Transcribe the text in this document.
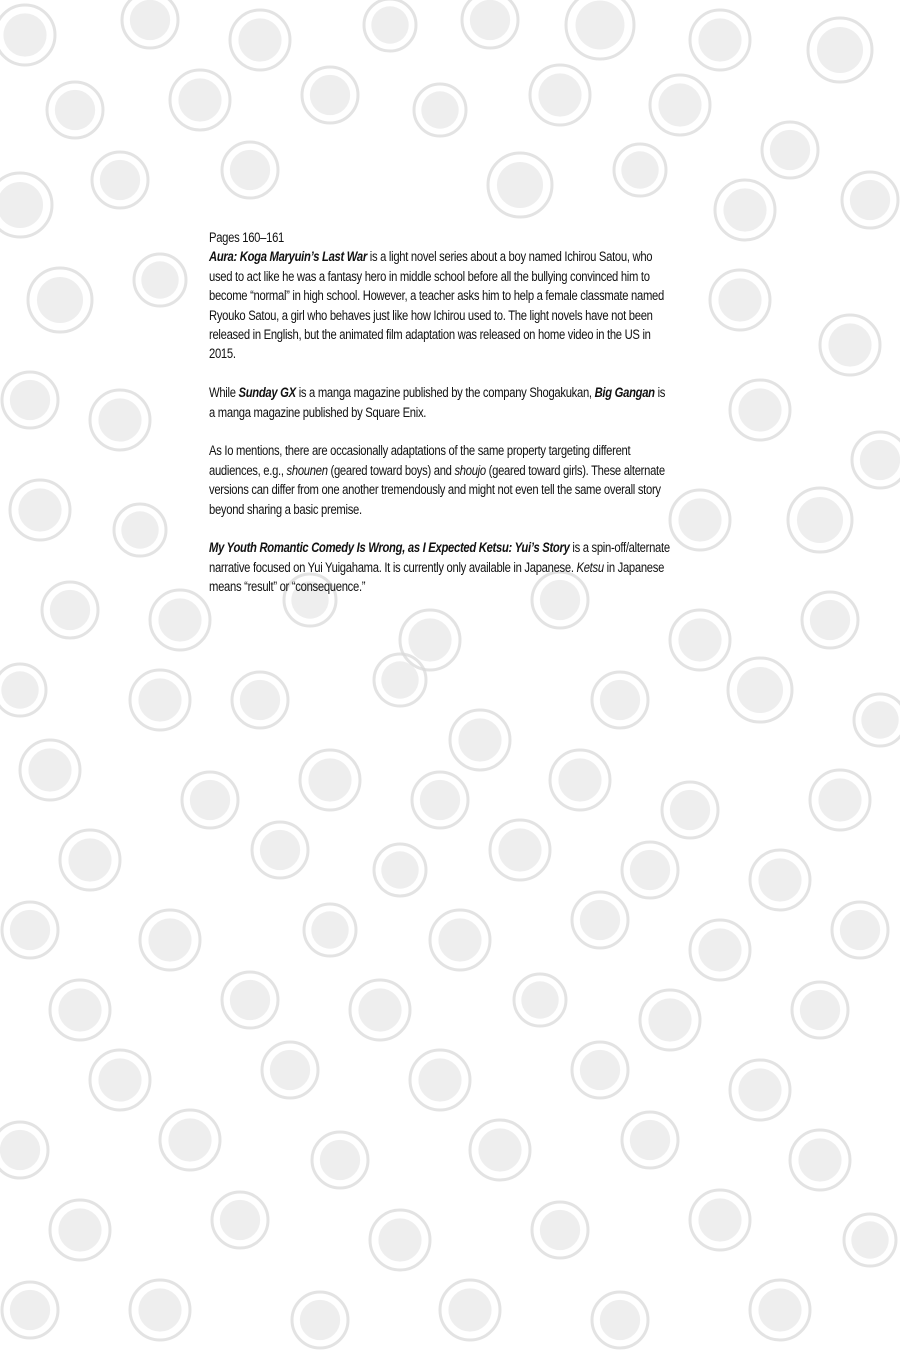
Pages 160–161
Aura: Koga Maryuin’s Last War is a light novel series about a boy named Ichirou Satou, who used to act like he was a fantasy hero in middle school before all the bullying convinced him to become “normal” in high school. However, a teacher asks him to help a female classmate named Ryouko Satou, a girl who behaves just like how Ichirou used to. The light novels have not been released in English, but the animated film adaptation was released on home video in the US in 2015.

While Sunday GX is a manga magazine published by the company Shogakukan, Big Gangan is a manga magazine published by Square Enix.

As Io mentions, there are occasionally adaptations of the same property targeting different audiences, e.g., shounen (geared toward boys) and shoujo (geared toward girls). These alternate versions can differ from one another tremendously and might not even tell the same overall story beyond sharing a basic premise.

My Youth Romantic Comedy Is Wrong, as I Expected Ketsu: Yui’s Story is a spin-off/alternate narrative focused on Yui Yuigahama. It is currently only available in Japanese. Ketsu in Japanese means “result” or “consequence.”
